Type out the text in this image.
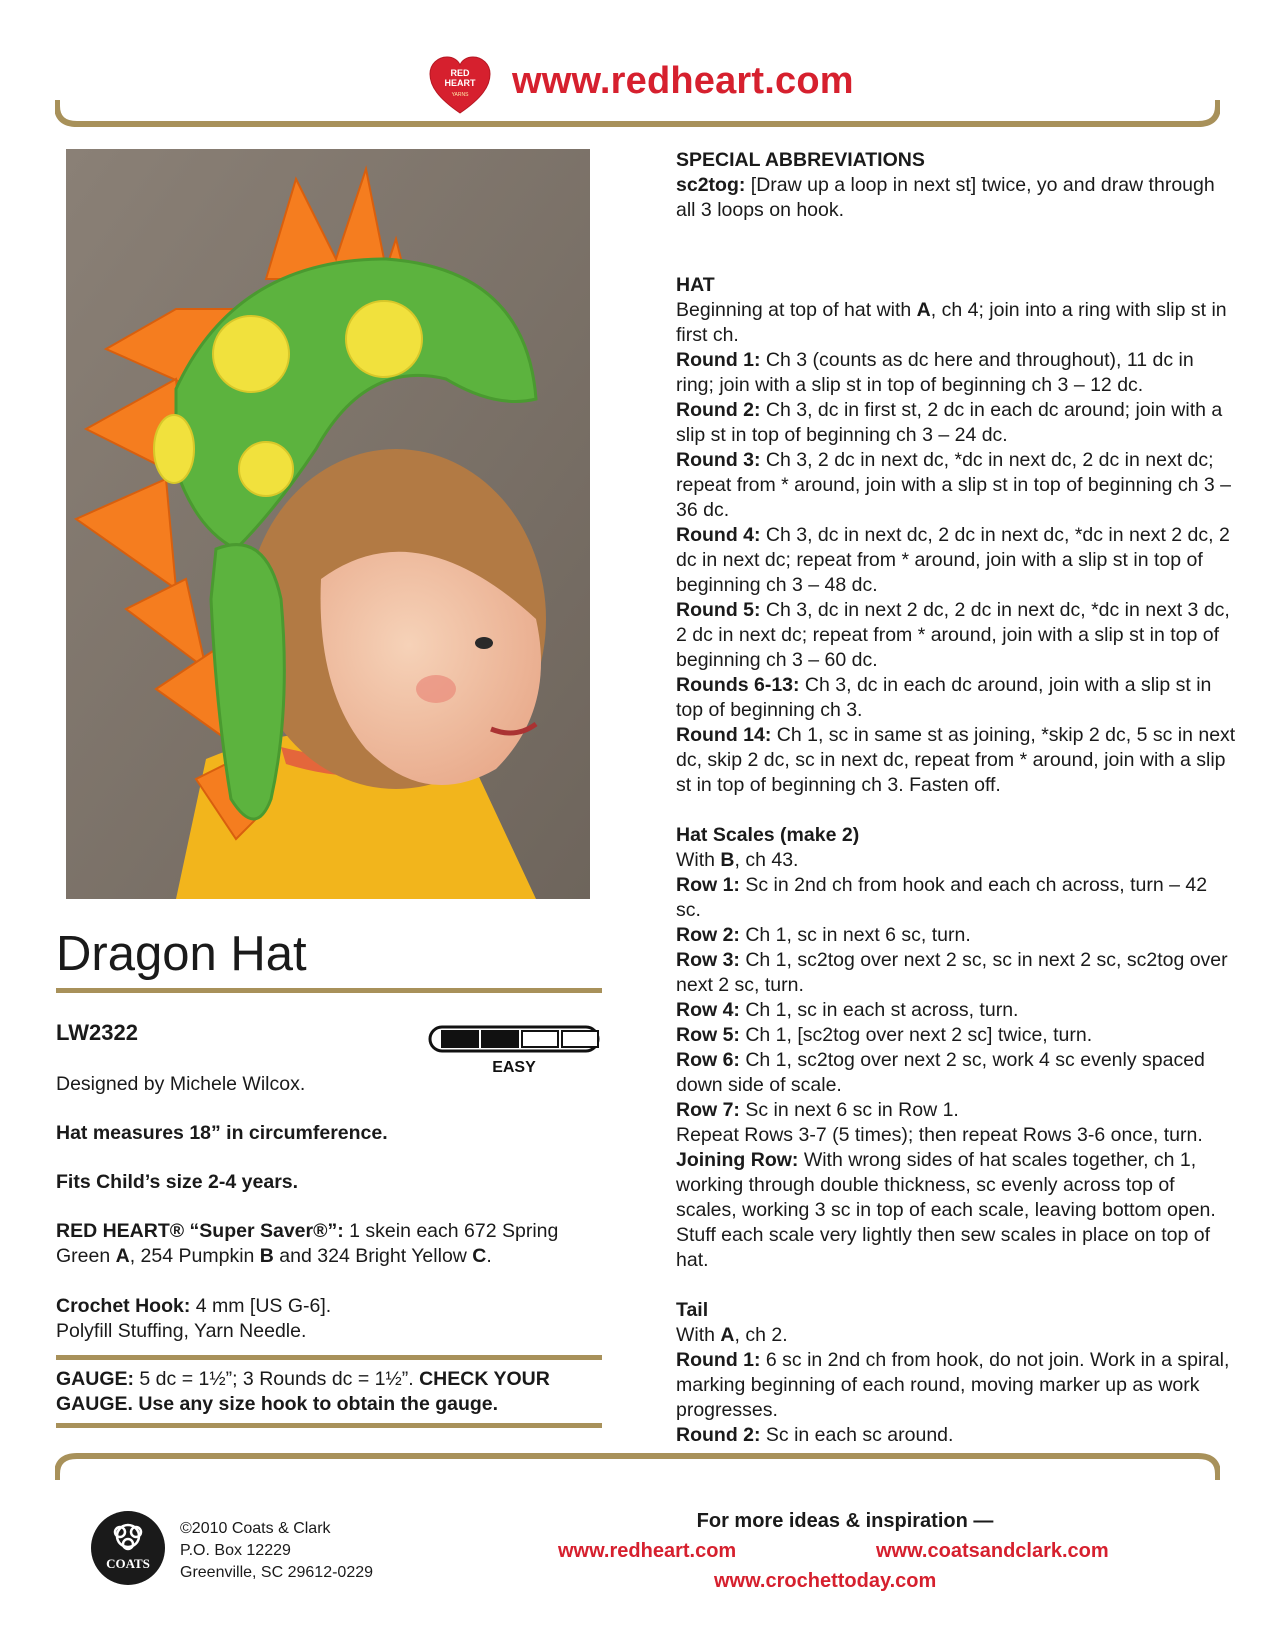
RED
HEART
YARNS www.redheart.com
Dragon Hat
LW2322
EASY
Designed by Michele Wilcox.
Hat measures 18” in circumference.
Fits Child’s size 2-4 years.
RED HEART® “Super Saver®”: 1 skein each 672 Spring Green A, 254 Pumpkin B and 324 Bright Yellow C.
Crochet Hook: 4 mm [US G-6].
Polyfill Stuffing, Yarn Needle.
GAUGE: 5 dc = 1½”; 3 Rounds dc = 1½”. CHECK YOUR GAUGE. Use any size hook to obtain the gauge.

SPECIAL ABBREVIATIONS

sc2tog: [Draw up a loop in next st] twice, yo and draw through all 3 loops on hook.

HAT

Beginning at top of hat with A, ch 4; join into a ring with slip st in first ch.

Round 1: Ch 3 (counts as dc here and throughout), 11 dc in ring; join with a slip st in top of beginning ch 3 – 12 dc.

Round 2: Ch 3, dc in first st, 2 dc in each dc around; join with a slip st in top of beginning ch 3 – 24 dc.

Round 3: Ch 3, 2 dc in next dc, *dc in next dc, 2 dc in next dc; repeat from * around, join with a slip st in top of beginning ch 3 – 36 dc.

Round 4: Ch 3, dc in next dc, 2 dc in next dc, *dc in next 2 dc, 2 dc in next dc; repeat from * around, join with a slip st in top of beginning ch 3 – 48 dc.

Round 5: Ch 3, dc in next 2 dc, 2 dc in next dc, *dc in next 3 dc, 2 dc in next dc; repeat from * around, join with a slip st in top of beginning ch 3 – 60 dc.

Rounds 6-13: Ch 3, dc in each dc around, join with a slip st in top of beginning ch 3.

Round 14: Ch 1, sc in same st as joining, *skip 2 dc, 5 sc in next dc, skip 2 dc, sc in next dc, repeat from * around, join with a slip st in top of beginning ch 3. Fasten off.

Hat Scales (make 2)

With B, ch 43.

Row 1: Sc in 2nd ch from hook and each ch across, turn – 42 sc.

Row 2: Ch 1, sc in next 6 sc, turn.

Row 3: Ch 1, sc2tog over next 2 sc, sc in next 2 sc, sc2tog over next 2 sc, turn.

Row 4: Ch 1, sc in each st across, turn.

Row 5: Ch 1, [sc2tog over next 2 sc] twice, turn.

Row 6: Ch 1, sc2tog over next 2 sc, work 4 sc evenly spaced down side of scale.

Row 7: Sc in next 6 sc in Row 1.

Repeat Rows 3-7 (5 times); then repeat Rows 3-6 once, turn.

Joining Row: With wrong sides of hat scales together, ch 1, working through double thickness, sc evenly across top of scales, working 3 sc in top of each scale, leaving bottom open. Stuff each scale very lightly then sew scales in place on top of hat.

Tail

With A, ch 2.

Round 1: 6 sc in 2nd ch from hook, do not join. Work in a spiral, marking beginning of each round, moving marker up as work progresses.

Round 2: Sc in each sc around.

COATS
©2010 Coats & Clark
P.O. Box 12229
Greenville, SC 29612-0229
For more ideas & inspiration —
www.redheart.com	www.coatsandclark.com
www.crochettoday.com
